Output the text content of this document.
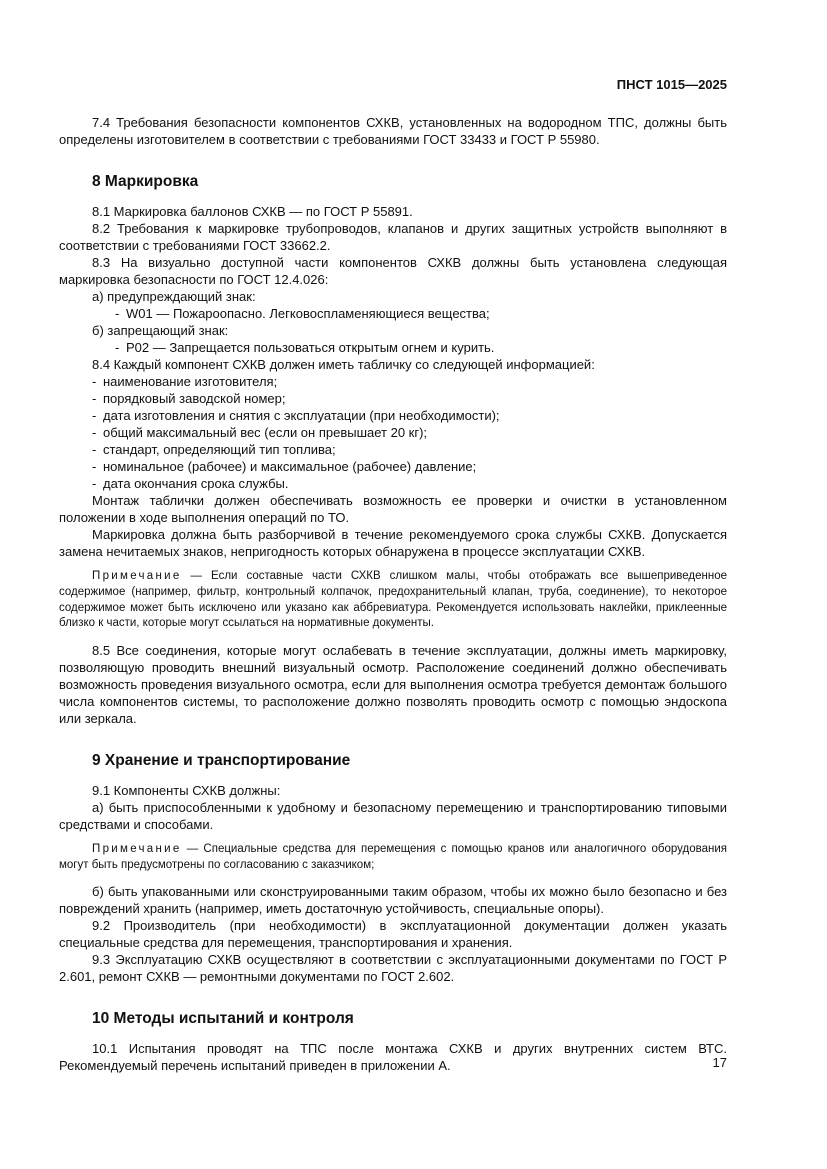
ПНСТ 1015—2025

7.4 Требования безопасности компонентов СХКВ, установленных на водородном ТПС, должны быть определены изготовителем в соответствии с требованиями ГОСТ 33433 и ГОСТ Р 55980.

8 Маркировка

8.1 Маркировка баллонов СХКВ — по ГОСТ Р 55891.

8.2 Требования к маркировке трубопроводов, клапанов и других защитных устройств выполняют в соответствии с требованиями ГОСТ 33662.2.

8.3 На визуально доступной части компонентов СХКВ должны быть установлена следующая маркировка безопасности по ГОСТ 12.4.026:

а) предупреждающий знак:

- W01 — Пожароопасно. Легковоспламеняющиеся вещества;

б) запрещающий знак:

- P02 — Запрещается пользоваться открытым огнем и курить.

8.4 Каждый компонент СХКВ должен иметь табличку со следующей информацией:

- наименование изготовителя;
- порядковый заводской номер;
- дата изготовления и снятия с эксплуатации (при необходимости);
- общий максимальный вес (если он превышает 20 кг);
- стандарт, определяющий тип топлива;
- номинальное (рабочее) и максимальное (рабочее) давление;
- дата окончания срока службы.

Монтаж таблички должен обеспечивать возможность ее проверки и очистки в установленном положении в ходе выполнения операций по ТО.

Маркировка должна быть разборчивой в течение рекомендуемого срока службы СХКВ. Допускается замена нечитаемых знаков, непригодность которых обнаружена в процессе эксплуатации СХКВ.

Примечание — Если составные части СХКВ слишком малы, чтобы отображать все вышеприведенное содержимое (например, фильтр, контрольный колпачок, предохранительный клапан, труба, соединение), то некоторое содержимое может быть исключено или указано как аббревиатура. Рекомендуется использовать наклейки, приклеенные близко к части, которые могут ссылаться на нормативные документы.

8.5 Все соединения, которые могут ослабевать в течение эксплуатации, должны иметь маркировку, позволяющую проводить внешний визуальный осмотр. Расположение соединений должно обеспечивать возможность проведения визуального осмотра, если для выполнения осмотра требуется демонтаж большого числа компонентов системы, то расположение должно позволять проводить осмотр с помощью эндоскопа или зеркала.

9 Хранение и транспортирование

9.1 Компоненты СХКВ должны:

а) быть приспособленными к удобному и безопасному перемещению и транспортированию типовыми средствами и способами.

Примечание — Специальные средства для перемещения с помощью кранов или аналогичного оборудования могут быть предусмотрены по согласованию с заказчиком;

б) быть упакованными или сконструированными таким образом, чтобы их можно было безопасно и без повреждений хранить (например, иметь достаточную устойчивость, специальные опоры).

9.2 Производитель (при необходимости) в эксплуатационной документации должен указать специальные средства для перемещения, транспортирования и хранения.

9.3 Эксплуатацию СХКВ осуществляют в соответствии с эксплуатационными документами по ГОСТ Р 2.601, ремонт СХКВ — ремонтными документами по ГОСТ 2.602.

10 Методы испытаний и контроля

10.1 Испытания проводят на ТПС после монтажа СХКВ и других внутренних систем ВТС. Рекомендуемый перечень испытаний приведен в приложении А.	17
